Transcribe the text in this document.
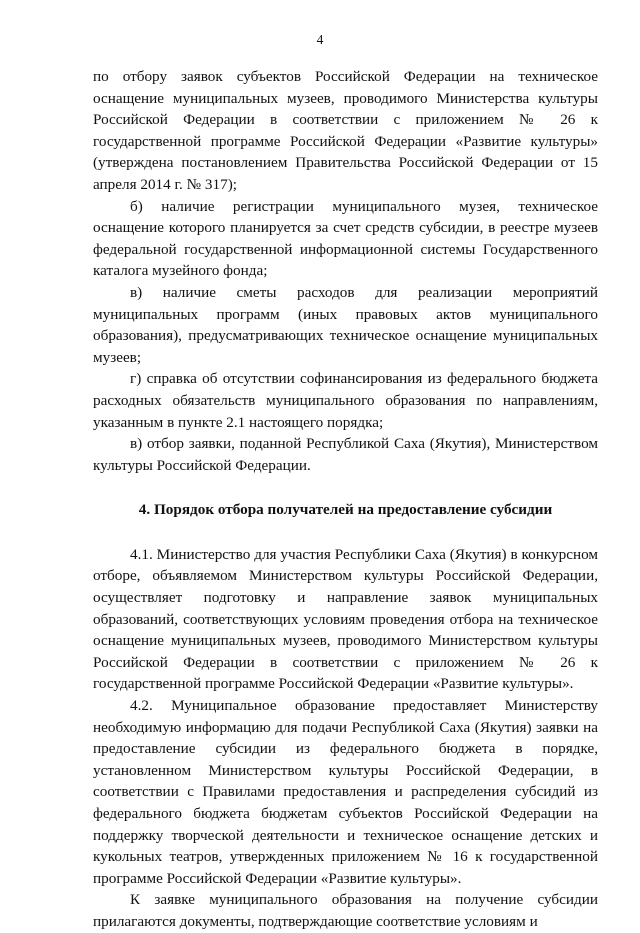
4

по отбору заявок субъектов Российской Федерации на техническое оснащение муниципальных музеев, проводимого Министерства культуры Российской Федерации в соответствии с приложением № 26 к государственной программе Российской Федерации «Развитие культуры» (утверждена постановлением Правительства Российской Федерации от 15 апреля 2014 г. № 317);

б) наличие регистрации муниципального музея, техническое оснащение которого планируется за счет средств субсидии, в реестре музеев федеральной государственной информационной системы Государственного каталога музейного фонда;

в) наличие сметы расходов для реализации мероприятий муниципальных программ (иных правовых актов муниципального образования), предусматривающих техническое оснащение муниципальных музеев;

г) справка об отсутствии софинансирования из федерального бюджета расходных обязательств муниципального образования по направлениям, указанным в пункте 2.1 настоящего порядка;

в) отбор заявки, поданной Республикой Саха (Якутия), Министерством культуры Российской Федерации.

4. Порядок отбора получателей на предоставление субсидии

4.1. Министерство для участия Республики Саха (Якутия) в конкурсном отборе, объявляемом Министерством культуры Российской Федерации, осуществляет подготовку и направление заявок муниципальных образований, соответствующих условиям проведения отбора на техническое оснащение муниципальных музеев, проводимого Министерством культуры Российской Федерации в соответствии с приложением № 26 к государственной программе Российской Федерации «Развитие культуры».

4.2. Муниципальное образование предоставляет Министерству необходимую информацию для подачи Республикой Саха (Якутия) заявки на предоставление субсидии из федерального бюджета в порядке, установленном Министерством культуры Российской Федерации, в соответствии с Правилами предоставления и распределения субсидий из федерального бюджета бюджетам субъектов Российской Федерации на поддержку творческой деятельности и техническое оснащение детских и кукольных театров, утвержденных приложением № 16 к государственной программе Российской Федерации «Развитие культуры».

К заявке муниципального образования на получение субсидии прилагаются документы, подтверждающие соответствие условиям и
